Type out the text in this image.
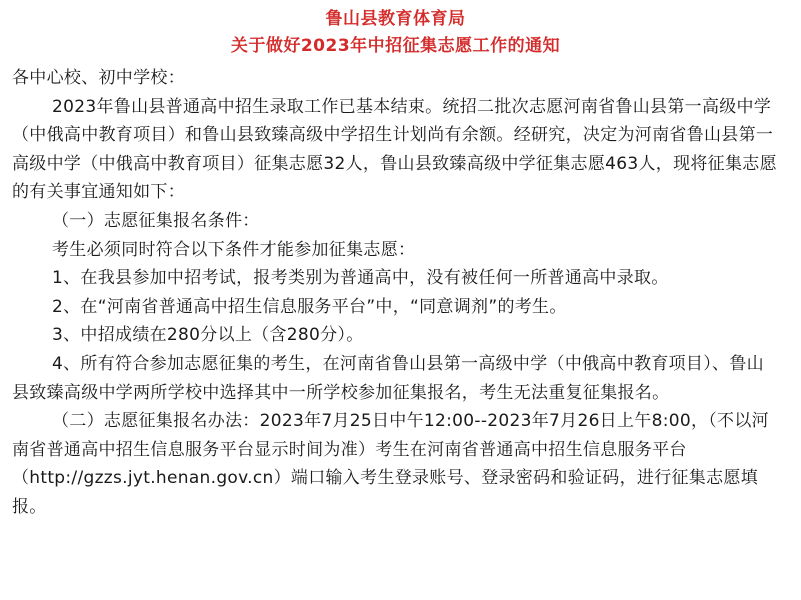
鲁山县教育体育局

关于做好2023年中招征集志愿工作的通知

各中心校、初中学校：

2023年鲁山县普通高中招生录取工作已基本结束。统招二批次志愿河南省鲁山县第一高级中学（中俄高中教育项目）和鲁山县致臻高级中学招生计划尚有余额。经研究，决定为河南省鲁山县第一高级中学（中俄高中教育项目）征集志愿32人，鲁山县致臻高级中学征集志愿463人，现将征集志愿的有关事宜通知如下：

（一）志愿征集报名条件：

考生必须同时符合以下条件才能参加征集志愿：

1、在我县参加中招考试，报考类别为普通高中，没有被任何一所普通高中录取。

2、在“河南省普通高中招生信息服务平台”中，“同意调剂”的考生。

3、中招成绩在280分以上（含280分）。

4、所有符合参加志愿征集的考生，在河南省鲁山县第一高级中学（中俄高中教育项目）、鲁山县致臻高级中学两所学校中选择其中一所学校参加征集报名，考生无法重复征集报名。

（二）志愿征集报名办法：2023年7月25日中午12:00--2023年7月26日上午8:00，（不以河南省普通高中招生信息服务平台显示时间为准）考生在河南省普通高中招生信息服务平台（http://gzzs.jyt.henan.gov.cn）端口输入考生登录账号、登录密码和验证码，进行征集志愿填报。
